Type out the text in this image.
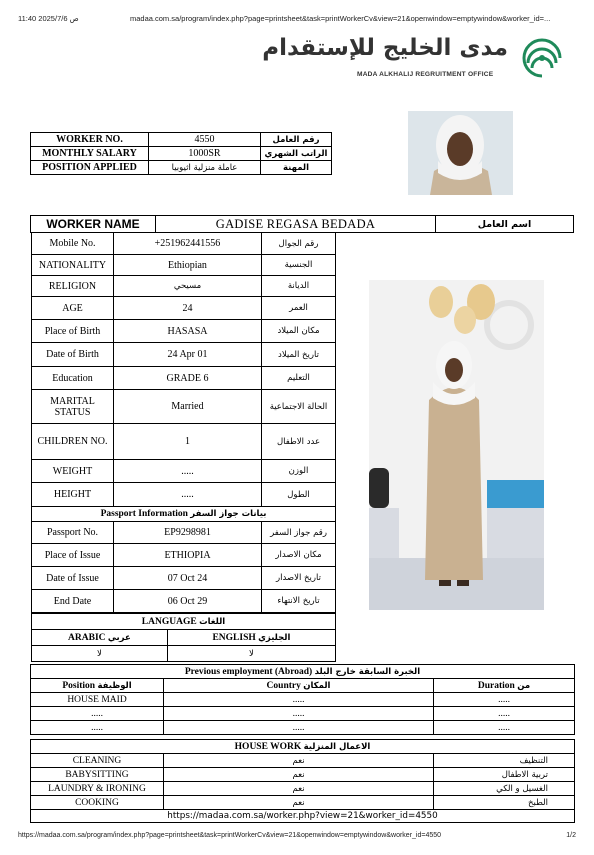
11:40 2025/7/6 ص	madaa.com.sa/program/index.php?page=printsheet&task=printWorkerCv&view=21&openwindow=emptywindow&worker_id=...
مدى الخليج للإستقدام
MADA ALKHALIJ REGRUITMENT OFFICE
WORKER NO.	4550	رقم العامل
MONTHLY SALARY	1000SR	الراتب الشهري
POSITION APPLIED	عاملة منزلية اثيوبيا	المهنة
WORKER NAME	GADISE REGASA BEDADA	اسم العامل
Mobile No.	+251962441556	رقم الجوال
NATIONALITY	Ethiopian	الجنسية
RELIGION	مسيحي	الديانة
AGE	24	العمر
Place of Birth	HASASA	مكان الميلاد
Date of Birth	24 Apr 01	تاريخ الميلاد
Education	GRADE 6	التعليم
MARITAL STATUS	Married	الحالة الاجتماعية
CHILDREN NO.	1	عدد الاطفال
WEIGHT	.....	الوزن
HEIGHT	.....	الطول
Passport Information بيانات جواز السفر		
Passport No.	EP9298981	رقم جواز السفر
Place of Issue	ETHIOPIA	مكان الاصدار
Date of Issue	07 Oct 24	تاريخ الاصدار
End Date	06 Oct 29	تاريخ الانتهاء
LANGUAGE اللغات	
ARABIC عربي	ENGLISH الجليزي
لا	لا
Previous employment (Abroad) الخبرة السابقة خارج البلد		
Position الوظيفة	Country المكان	Duration من
HOUSE MAID	.....	.....
.....	.....	.....
.....	.....	.....
HOUSE WORK الاعمال المنزلية		
CLEANING	نعم	التنظيف
BABYSITTING	نعم	تربية الاطفال
LAUNDRY & IRONING	نعم	الغسيل و الكي
COOKING	نعم	الطبخ
https://madaa.com.sa/worker.php?view=21&worker_id=4550
https://madaa.com.sa/program/index.php?page=printsheet&task=printWorkerCv&view=21&openwindow=emptywindow&worker_id=4550	1/2
